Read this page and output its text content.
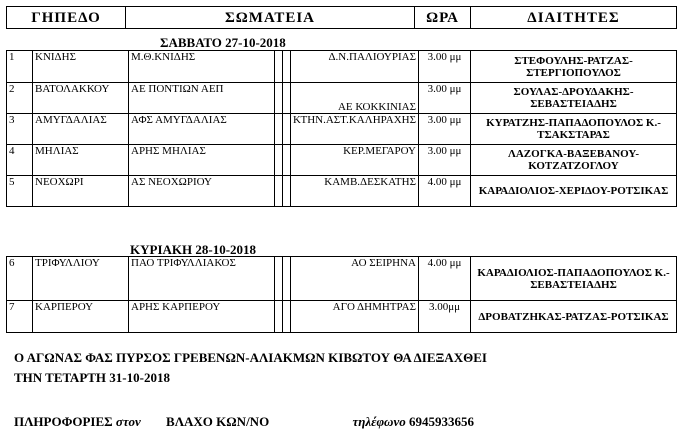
ΓΗΠΕΔΟ	ΣΩΜΑΤΕΙΑ	ΩΡΑ	ΔΙΑΙΤΗΤΕΣ
ΣΑΒΒΑΤΟ 27-10-2018
1	ΚΝΙΔΗΣ	Μ.Θ.ΚΝΙΔΗΣ			Δ.Ν.ΠΑΛΙΟΥΡΙΑΣ	3.00 μμ	ΣΤΕΦΟΥΛΗΣ-ΡΑΤΖΑΣ-ΣΤΕΡΓΙΟΠΟΥΛΟΣ
2	ΒΑΤΟΛΑΚΚΟΥ	ΑΕ ΠΟΝΤΙΩΝ ΑΕΠ			ΑΕ ΚΟΚΚΙΝΙΑΣ	3.00 μμ	ΣΟΥΛΑΣ-ΔΡΟΥΔΑΚΗΣ-ΣΕΒΑΣΤΕΙΑΔΗΣ
3	ΑΜΥΓΔΑΛΙΑΣ	ΑΦΣ ΑΜΥΓΔΑΛΙΑΣ			ΚΤΗΝ.ΑΣΤ.ΚΑΛΗΡΑΧΗΣ	3.00 μμ	ΚΥΡΑΤΖΗΣ-ΠΑΠΑΔΟΠΟΥΛΟΣ Κ.-ΤΣΑΚΣΤΑΡΑΣ
4	ΜΗΛΙΑΣ	ΑΡΗΣ ΜΗΛΙΑΣ			ΚΕΡ.ΜΕΓΑΡΟΥ	3.00 μμ	ΛΑΖΟΓΚΑ-ΒΑΞΕΒΑΝΟΥ-ΚΟΤΖΑΤΖΟΓΛΟΥ
5	ΝΕΟΧΩΡΙ	ΑΣ ΝΕΟΧΩΡΙΟΥ			ΚΑΜΒ.ΔΕΣΚΑΤΗΣ	4.00 μμ	ΚΑΡΑΔΙΟΛΙΟΣ-ΧΕΡΙΔΟΥ-ΡΟΤΣΙΚΑΣ
ΚΥΡΙΑΚΗ 28-10-2018
6	ΤΡΙΦΥΛΛΙΟΥ	ΠΑΟ ΤΡΙΦΥΛΛΙΑΚΟΣ			ΑΟ ΣΕΙΡΗΝΑ	4.00 μμ	ΚΑΡΑΔΙΟΛΙΟΣ-ΠΑΠΑΔΟΠΟΥΛΟΣ Κ.-ΣΕΒΑΣΤΕΙΑΔΗΣ
7	ΚΑΡΠΕΡΟΥ	ΑΡΗΣ ΚΑΡΠΕΡΟΥ			ΑΓΟ ΔΗΜΗΤΡΑΣ	3.00μμ	ΔΡΟΒΑΤΖΗΚΑΣ-ΡΑΤΖΑΣ-ΡΟΤΣΙΚΑΣ
Ο ΑΓΩΝΑΣ ΦΑΣ ΠΥΡΣΟΣ ΓΡΕΒΕΝΩΝ-ΑΛΙΑΚΜΩΝ ΚΙΒΩΤΟΥ ΘΑ ΔΙΕΞΑΧΘΕΙ
ΤΗΝ ΤΕΤΑΡΤΗ 31-10-2018
ΠΛΗΡΟΦΟΡΙΕΣ στον ΒΛΑΧΟ ΚΩΝ/ΝΟ	τηλέφωνο 6945933656
